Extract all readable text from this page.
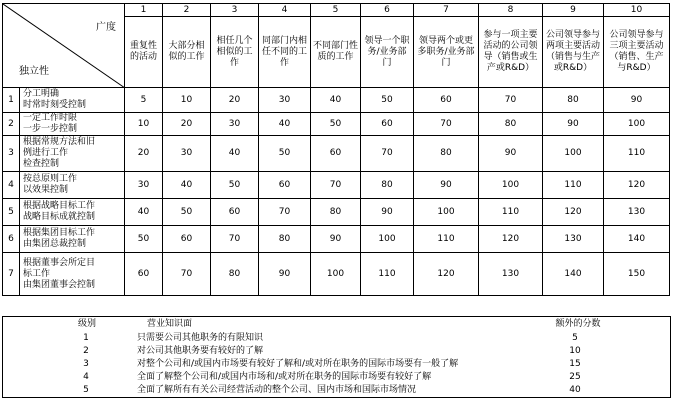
广度
独立性		1	2	3	4	5	6	7	8	9	10
		重复性的活动	大部分相似的工作	相任几个相似的工作	同部门内相任不同的工作	不同部门性质的工作	领导一个职务/业务部门	领导两个或更多职务/业务部门	参与一项主要活动的公司领导（销售或生产或R&D）	公司领导参与两项主要活动（销售与生产或R&D）	公司领导参与三项主要活动（销售、生产与R&D）
1	分工明确
时常时刻受控制	5	10	20	30	40	50	60	70	80	90
2	一定工作时限
一步一步控制	10	20	30	40	50	60	70	80	90	100
3	根据常规方法和旧
例进行工作
检查控制	20	30	40	50	60	70	80	90	100	110
4	按总原则工作
以效果控制	30	40	50	60	70	80	90	100	110	120
5	根据战略目标工作
战略目标成就控制	40	50	60	70	80	90	100	110	120	130
6	根据集团目标工作
由集团总裁控制	50	60	70	80	90	100	110	120	130	140
7	根据董事会所定目
标工作
由集团董事会控制	60	70	80	90	100	110	120	130	140	150
级别	营业知识面	额外的分数
1	只需要公司其他职务的有限知识	5
2	对公司其他职务要有较好的了解	10
3	对整个公司和/或国内市场要有较好了解和/或对所在职务的国际市场要有一般了解	15
4	全面了解整个公司和/或国内市场和/或对所在职务的国际市场要有较好了解	25
5	全面了解所有有关公司经营活动的整个公司、国内市场和国际市场情况	40
